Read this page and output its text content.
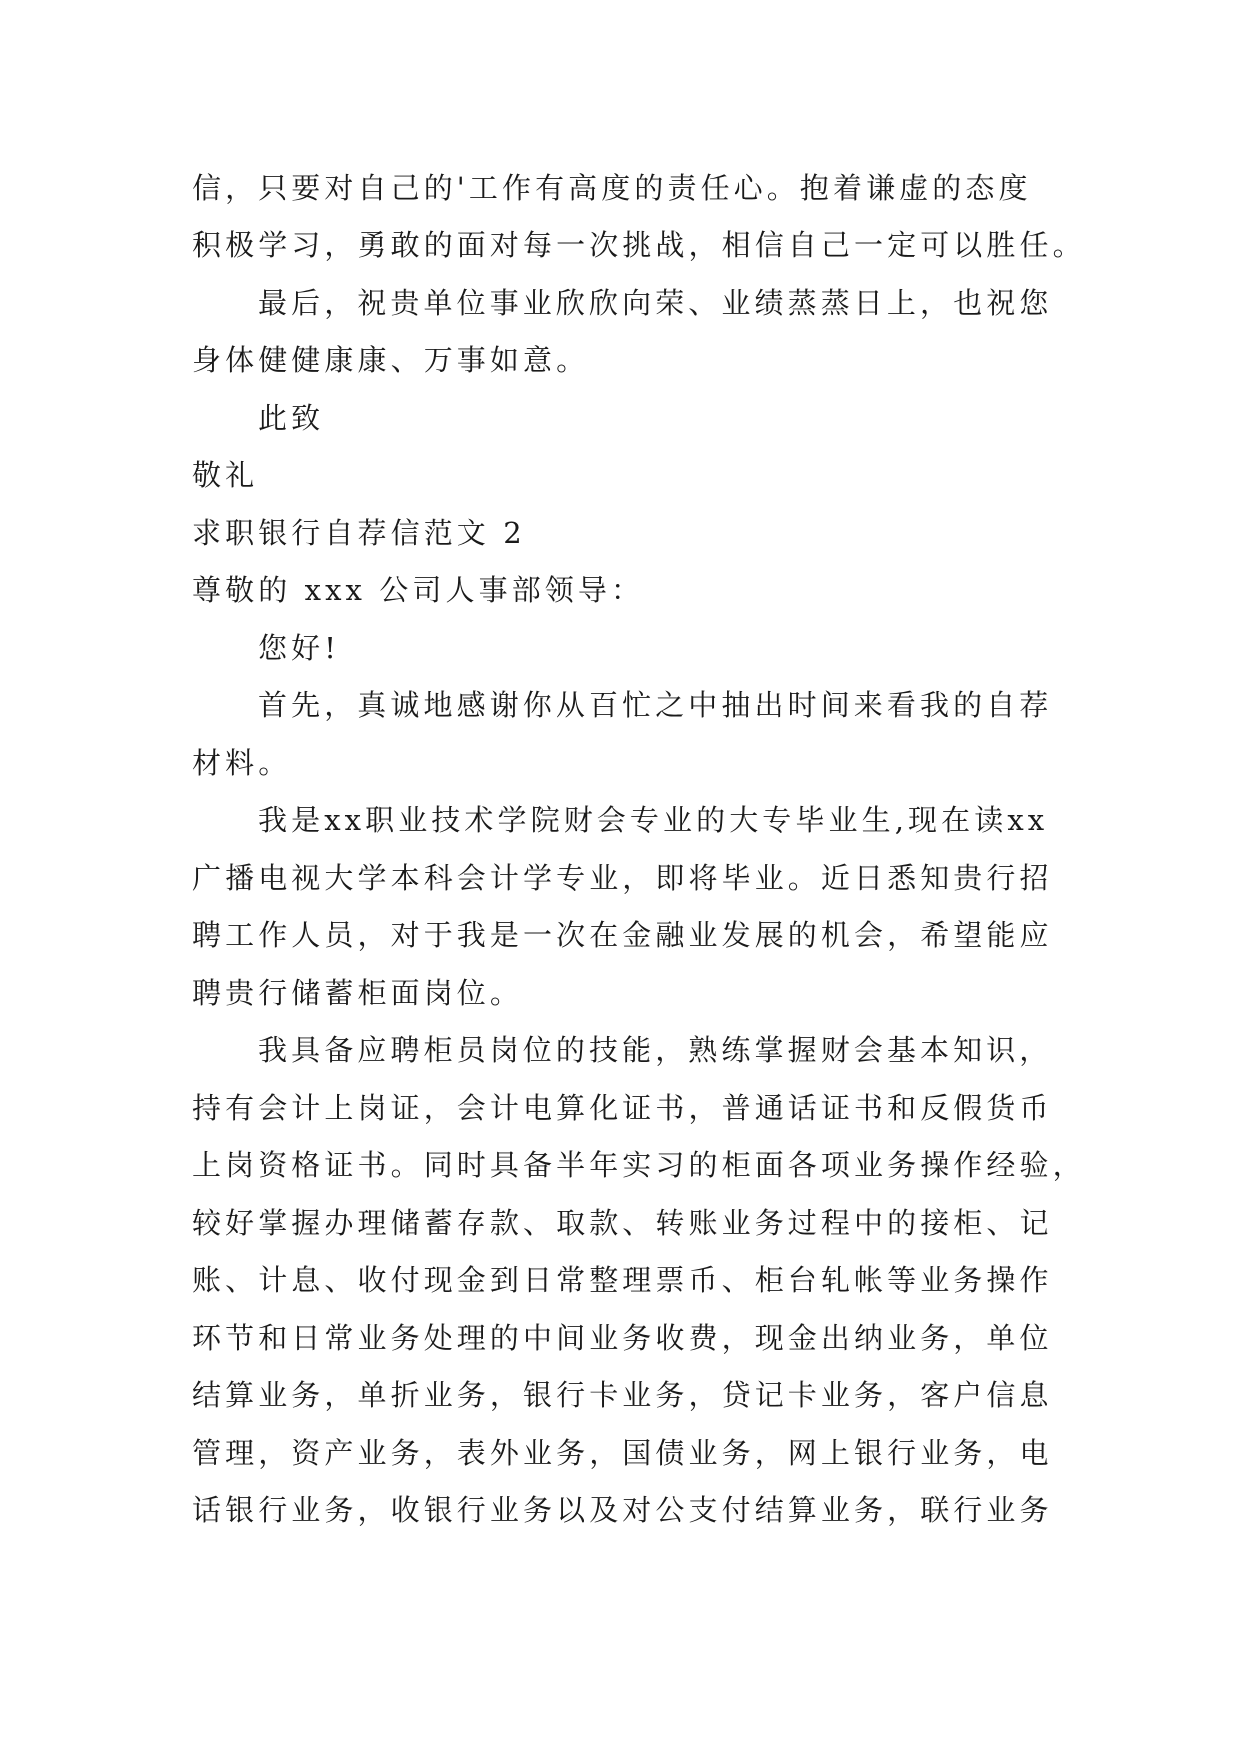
信，只要对自己的'工作有高度的责任心。抱着谦虚的态度

积极学习，勇敢的面对每一次挑战，相信自己一定可以胜任。

最后，祝贵单位事业欣欣向荣、业绩蒸蒸日上，也祝您

身体健健康康、万事如意。

此致

敬礼

求职银行自荐信范文 2

尊敬的 xxx 公司人事部领导：

您好!

首先，真诚地感谢你从百忙之中抽出时间来看我的自荐

材料。

我是xx职业技术学院财会专业的大专毕业生,现在读xx

广播电视大学本科会计学专业，即将毕业。近日悉知贵行招

聘工作人员，对于我是一次在金融业发展的机会，希望能应

聘贵行储蓄柜面岗位。

我具备应聘柜员岗位的技能，熟练掌握财会基本知识，

持有会计上岗证，会计电算化证书，普通话证书和反假货币

上岗资格证书。同时具备半年实习的柜面各项业务操作经验，

较好掌握办理储蓄存款、取款、转账业务过程中的接柜、记

账、计息、收付现金到日常整理票币、柜台轧帐等业务操作

环节和日常业务处理的中间业务收费，现金出纳业务，单位

结算业务，单折业务，银行卡业务，贷记卡业务，客户信息

管理，资产业务，表外业务，国债业务，网上银行业务，电

话银行业务，收银行业务以及对公支付结算业务，联行业务
